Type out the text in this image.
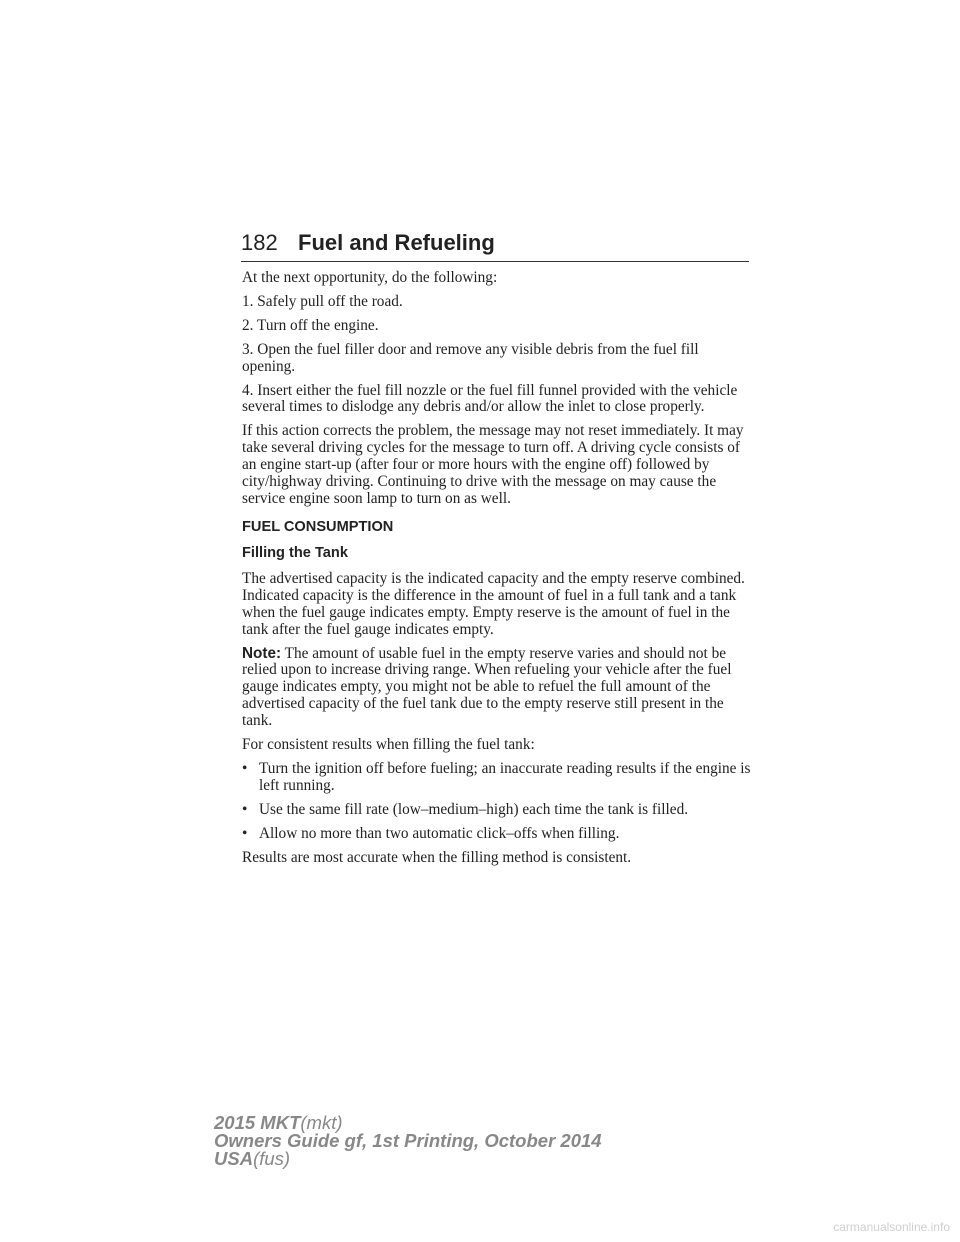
182 Fuel and Refueling

At the next opportunity, do the following:

1. Safely pull off the road.

2. Turn off the engine.

3. Open the fuel filler door and remove any visible debris from the fuel fill opening.

4. Insert either the fuel fill nozzle or the fuel fill funnel provided with the vehicle several times to dislodge any debris and/or allow the inlet to close properly.

If this action corrects the problem, the message may not reset immediately. It may take several driving cycles for the message to turn off. A driving cycle consists of an engine start-up (after four or more hours with the engine off) followed by city/highway driving. Continuing to drive with the message on may cause the service engine soon lamp to turn on as well.

FUEL CONSUMPTION
Filling the Tank

The advertised capacity is the indicated capacity and the empty reserve combined. Indicated capacity is the difference in the amount of fuel in a full tank and a tank when the fuel gauge indicates empty. Empty reserve is the amount of fuel in the tank after the fuel gauge indicates empty.

Note: The amount of usable fuel in the empty reserve varies and should not be relied upon to increase driving range. When refueling your vehicle after the fuel gauge indicates empty, you might not be able to refuel the full amount of the advertised capacity of the fuel tank due to the empty reserve still present in the tank.

For consistent results when filling the fuel tank:

• Turn the ignition off before fueling; an inaccurate reading results if the engine is left running.
• Use the same fill rate (low–medium–high) each time the tank is filled.
• Allow no more than two automatic click–offs when filling.

Results are most accurate when the filling method is consistent.

2015 MKT(mkt)
Owners Guide gf, 1st Printing, October 2014
USA(fus)
carmanualsonline.info
